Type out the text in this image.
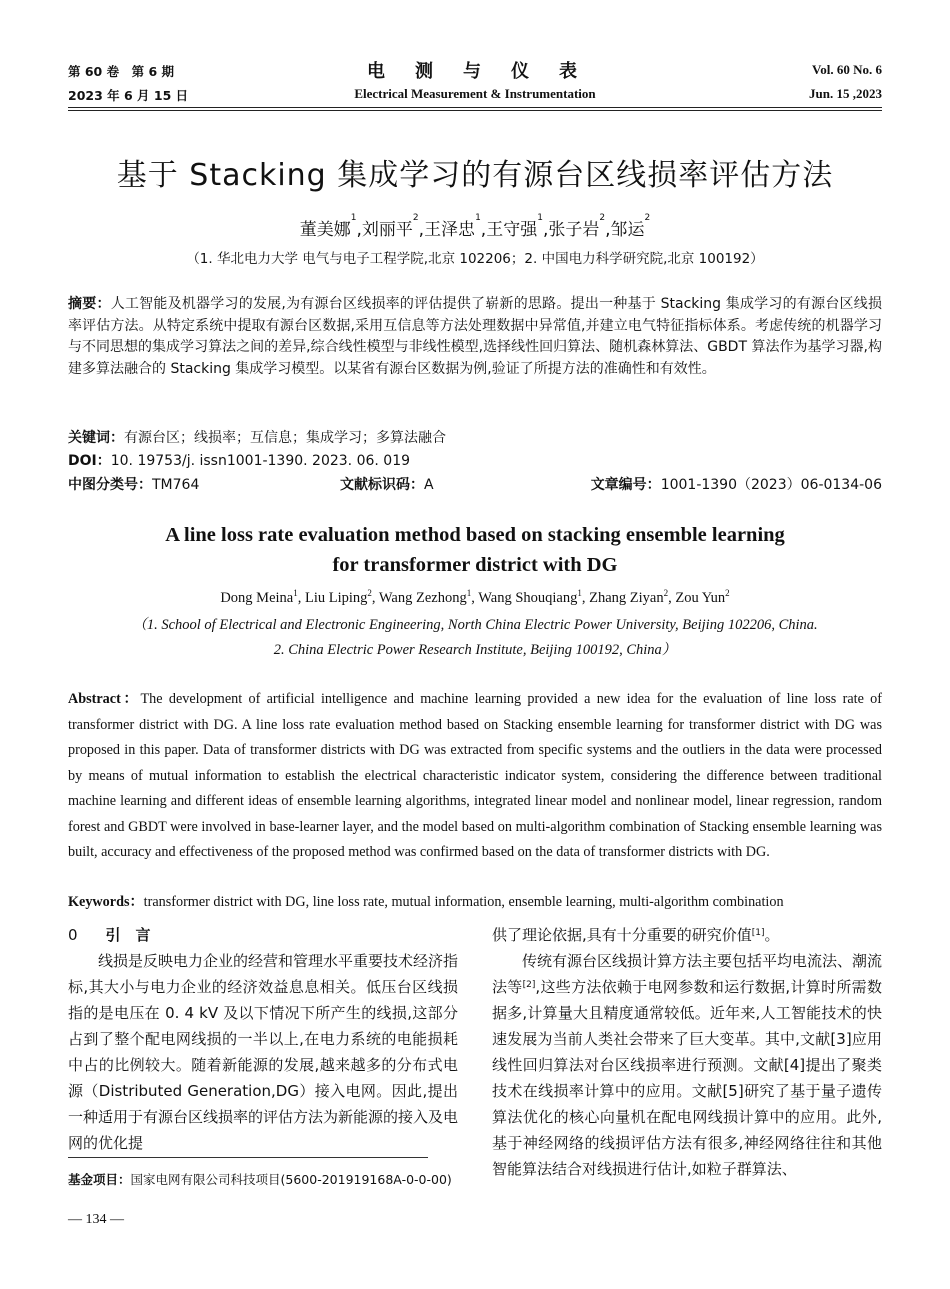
第 60 卷　第 6 期
2023 年 6 月 15 日
电　测　与　仪　表
Electrical Measurement & Instrumentation
Vol. 60 No. 6
Jun. 15 ,2023
基于 Stacking 集成学习的有源台区线损率评估方法
董美娜$^1$,刘丽平$^2$,王泽忠$^1$,王守强$^1$,张子岩$^2$,邹运$^2$
（1. 华北电力大学 电气与电子工程学院,北京 102206；2. 中国电力科学研究院,北京 100192）
摘要：人工智能及机器学习的发展,为有源台区线损率的评估提供了崭新的思路。提出一种基于 Stacking 集成学习的有源台区线损率评估方法。从特定系统中提取有源台区数据,采用互信息等方法处理数据中异常值,并建立电气特征指标体系。考虑传统的机器学习与不同思想的集成学习算法之间的差异,综合线性模型与非线性模型,选择线性回归算法、随机森林算法、GBDT 算法作为基学习器,构建多算法融合的 Stacking 集成学习模型。以某省有源台区数据为例,验证了所提方法的准确性和有效性。
关键词：有源台区；线损率；互信息；集成学习；多算法融合
DOI：10. 19753/j. issn1001-1390. 2023. 06. 019
中图分类号：TM764	文献标识码：A	文章编号：1001-1390（2023）06-0134-06
A line loss rate evaluation method based on stacking ensemble learning
for transformer district with DG
Dong Meina$^1$, Liu Liping$^2$, Wang Zezhong$^1$, Wang Shouqiang$^1$, Zhang Ziyan$^2$, Zou Yun$^2$
（1. School of Electrical and Electronic Engineering, North China Electric Power University, Beijing 102206, China.
2. China Electric Power Research Institute, Beijing 100192, China）
Abstract：The development of artificial intelligence and machine learning provided a new idea for the evaluation of line loss rate of transformer district with DG. A line loss rate evaluation method based on Stacking ensemble learning for transformer district with DG was proposed in this paper. Data of transformer districts with DG was extracted from specific systems and the outliers in the data were processed by means of mutual information to establish the electrical characteristic indicator system, considering the difference between traditional machine learning and different ideas of ensemble learning algorithms, integrated linear model and nonlinear model, linear regression, random forest and GBDT were involved in base-learner layer, and the model based on multi-algorithm combination of Stacking ensemble learning was built, accuracy and effectiveness of the proposed method was confirmed based on the data of transformer districts with DG.
Keywords：transformer district with DG, line loss rate, mutual information, ensemble learning, multi-algorithm combination

0 引　言

线损是反映电力企业的经营和管理水平重要技术经济指标,其大小与电力企业的经济效益息息相关。低压台区线损指的是电压在 0. 4 kV 及以下情况下所产生的线损,这部分占到了整个配电网线损的一半以上,在电力系统的电能损耗中占的比例较大。随着新能源的发展,越来越多的分布式电源（Distributed Generation,DG）接入电网。因此,提出一种适用于有源台区线损率的评估方法为新能源的接入及电网的优化提

供了理论依据,具有十分重要的研究价值[1]。

传统有源台区线损计算方法主要包括平均电流法、潮流法等[2],这些方法依赖于电网参数和运行数据,计算时所需数据多,计算量大且精度通常较低。近年来,人工智能技术的快速发展为当前人类社会带来了巨大变革。其中,文献[3]应用线性回归算法对台区线损率进行预测。文献[4]提出了聚类技术在线损率计算中的应用。文献[5]研究了基于量子遗传算法优化的核心向量机在配电网线损计算中的应用。此外,基于神经网络的线损评估方法有很多,神经网络往往和其他智能算法结合对线损进行估计,如粒子群算法、

基金项目：国家电网有限公司科技项目(5600-201919168A-0-0-00)
— 134 —
